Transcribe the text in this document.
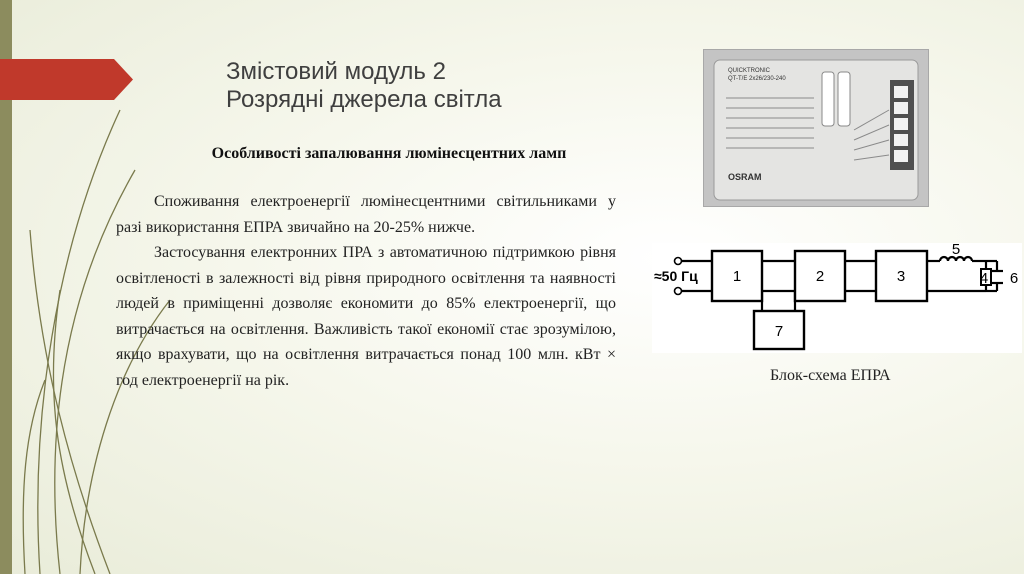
Змістовий модуль 2
Розрядні джерела світла
Особливості запалювання люмінесцентних ламп

Споживання електроенергії люмінесцентними світильниками у разі використання ЕПРА звичайно на 20-25% нижче.

Застосування електронних ПРА з автоматичною підтримкою рівня освітленості в залежності від рівня природного освітлення та наявності людей в приміщенні дозволяє економити до 85% електроенергії, що витрачається на освітлення. Важливість такої економії стає зрозумілою, якщо врахувати, що на освітлення витрачається понад 100 млн. кВт × год електроенергії на рік.

QUICKTRONIC
QT-T/E 2x26/230-240
OSRAM
1	2	3
7
5
4 6
≈50 Гц
Блок-схема ЕПРА
